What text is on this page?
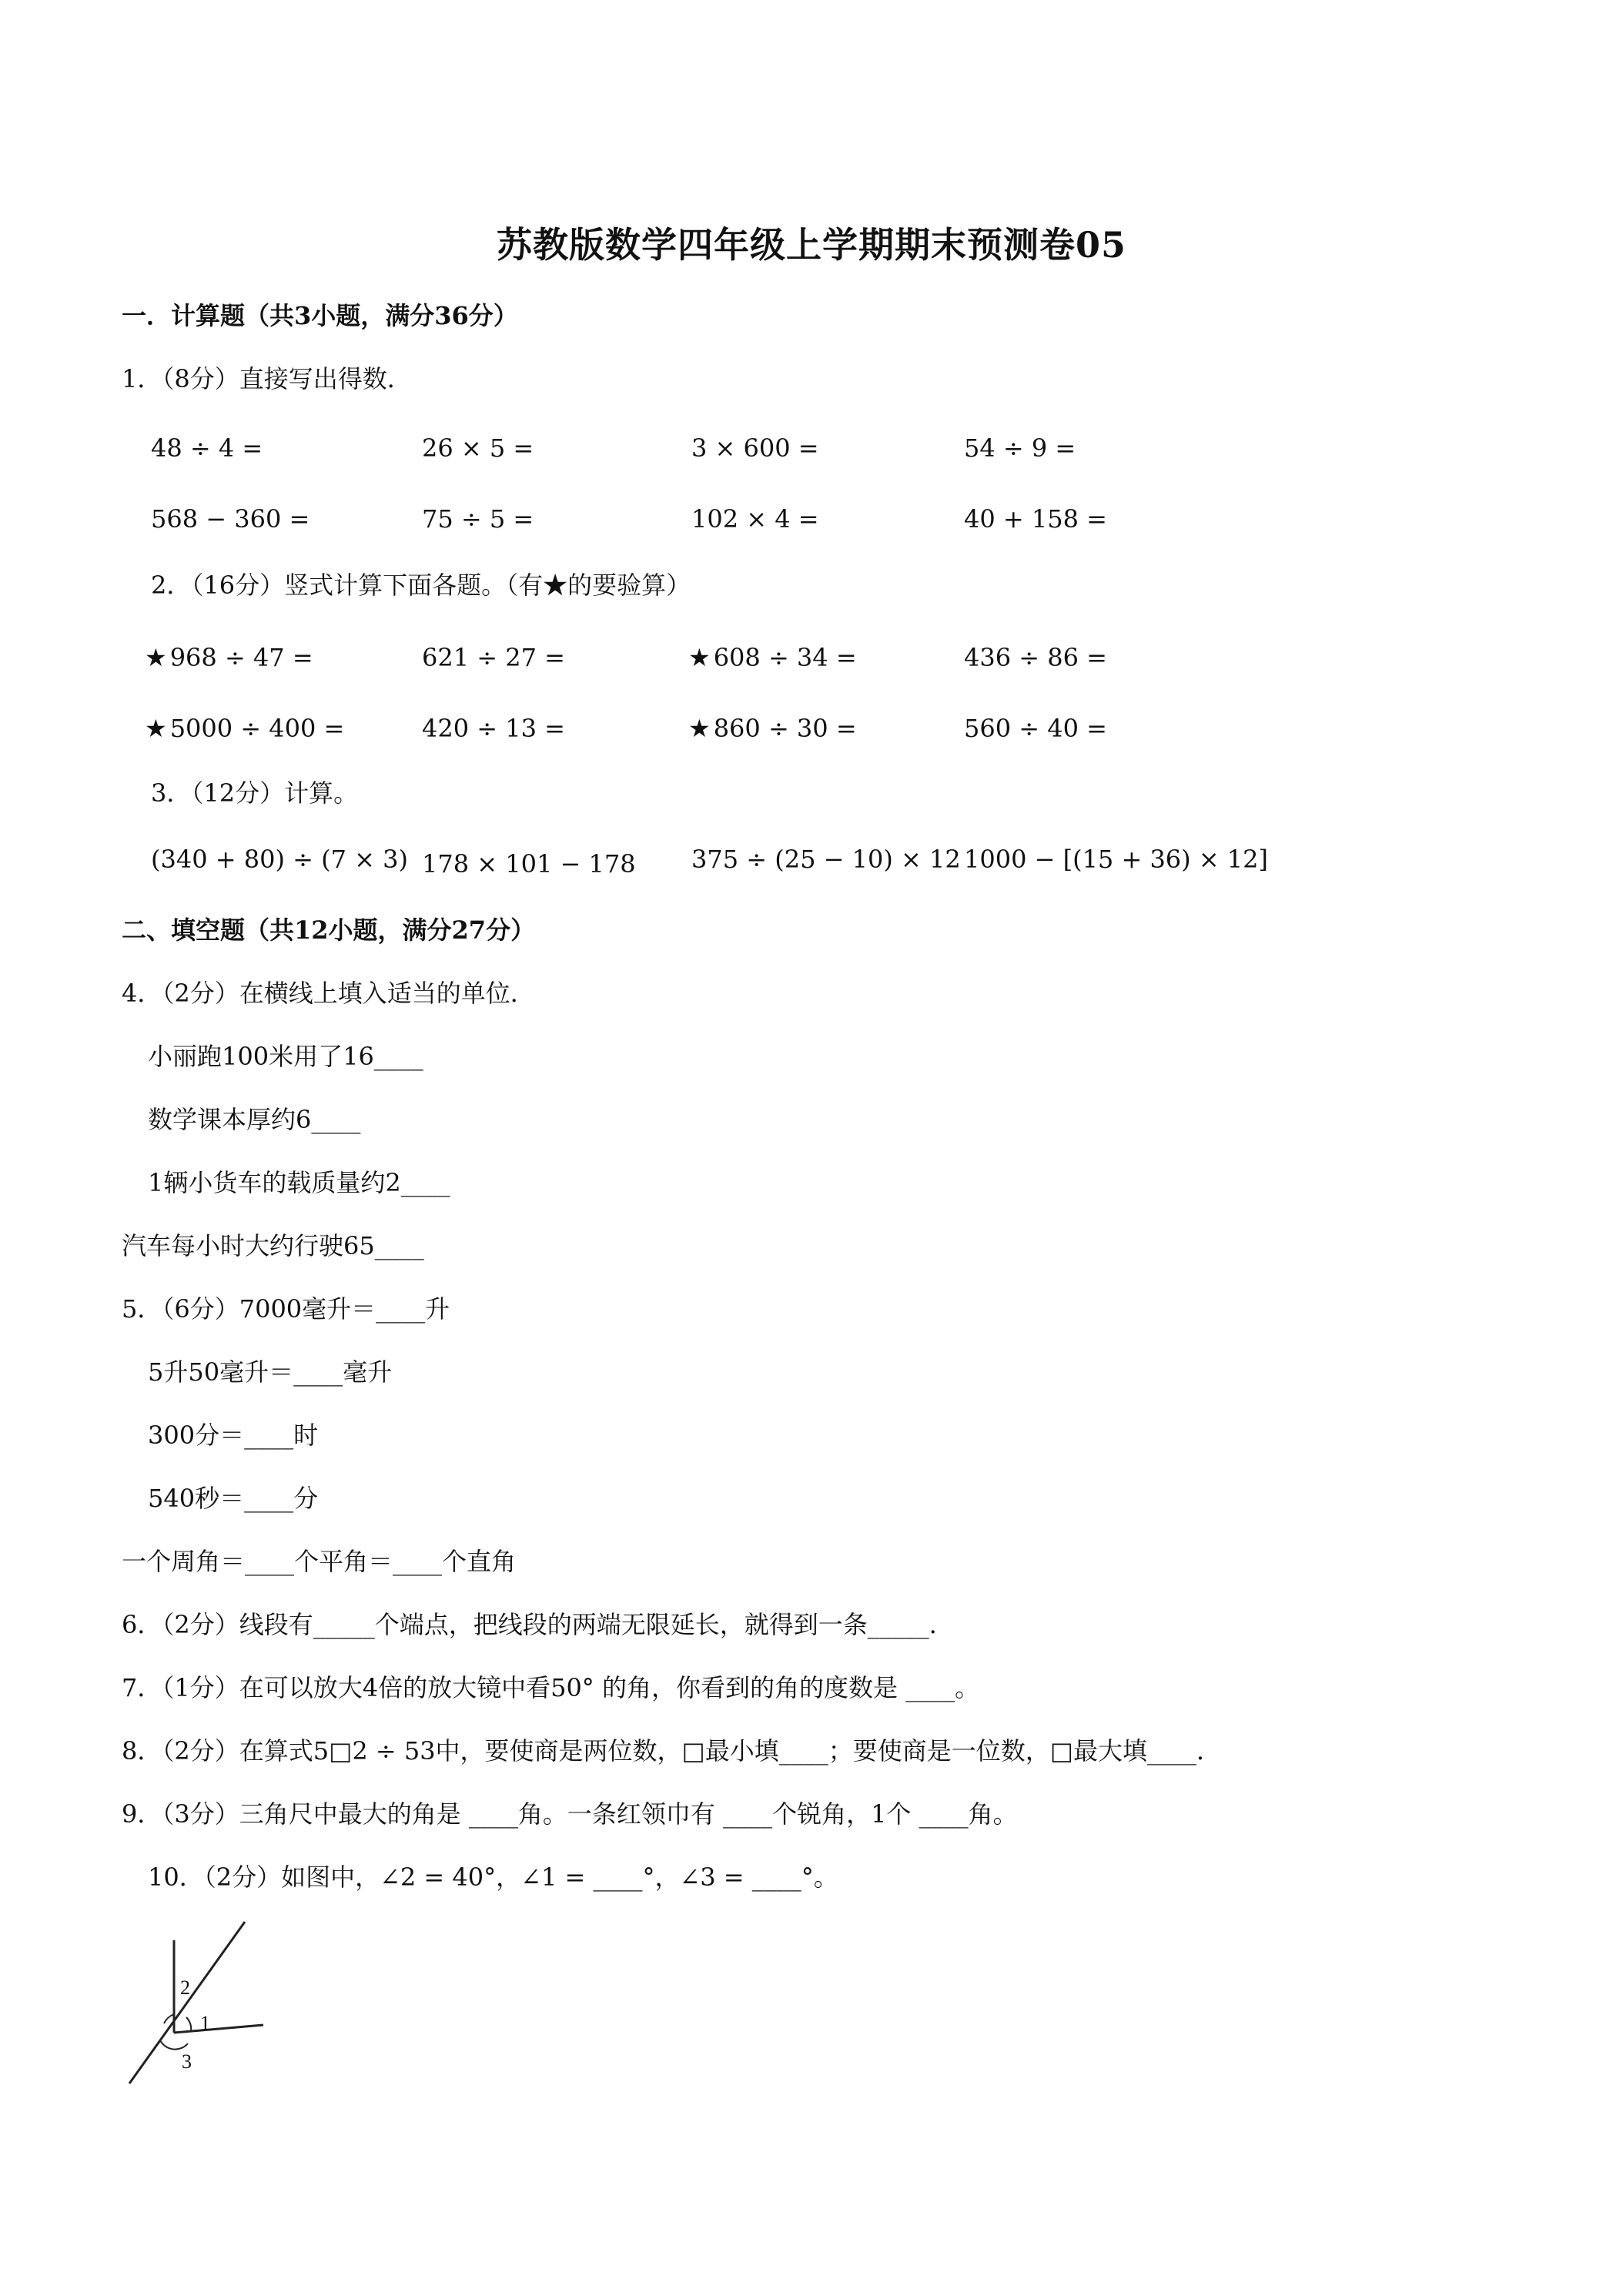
苏教版数学四年级上学期期末预测卷05
一．计算题（共3小题，满分36分）
1．（8分）直接写出得数．
48 ÷ 4 =	26 × 5 =	3 × 600 =	54 ÷ 9 =
568 − 360 =	75 ÷ 5 =	102 × 4 =	40 + 158 =
2．（16分）竖式计算下面各题。（有★的要验算）
★ 968 ÷ 47 =	621 ÷ 27 =	★ 608 ÷ 34 =	436 ÷ 86 =
★ 5000 ÷ 400 =	420 ÷ 13 =	★ 860 ÷ 30 =	560 ÷ 40 =
3．（12分）计算。
(340 + 80) ÷ (7 × 3) 178 × 101 − 178 375 ÷ (25 − 10) × 12 1000 − [(15 + 36) × 12]
二、填空题（共12小题，满分27分）
4．（2分）在横线上填入适当的单位．
小丽跑100米用了16____
数学课本厚约6____
1辆小货车的载质量约2____
汽车每小时大约行驶65____
5．（6分）7000毫升＝____升
5升50毫升＝____毫升
300分＝____时
540秒＝____分
一个周角＝____个平角＝____个直角
6．（2分）线段有_____个端点，把线段的两端无限延长，就得到一条_____．
7．（1分）在可以放大4倍的放大镜中看50° 的角，你看到的角的度数是 ____。
8．（2分）在算式5□2 ÷ 53中，要使商是两位数，□最小填____；要使商是一位数，□最大填____．
9．（3分）三角尺中最大的角是 ____角。一条红领巾有 ____个锐角，1个 ____角。
10．（2分）如图中，∠2 = 40°，∠1 = ____°，∠3 = ____°。
2
1
3
